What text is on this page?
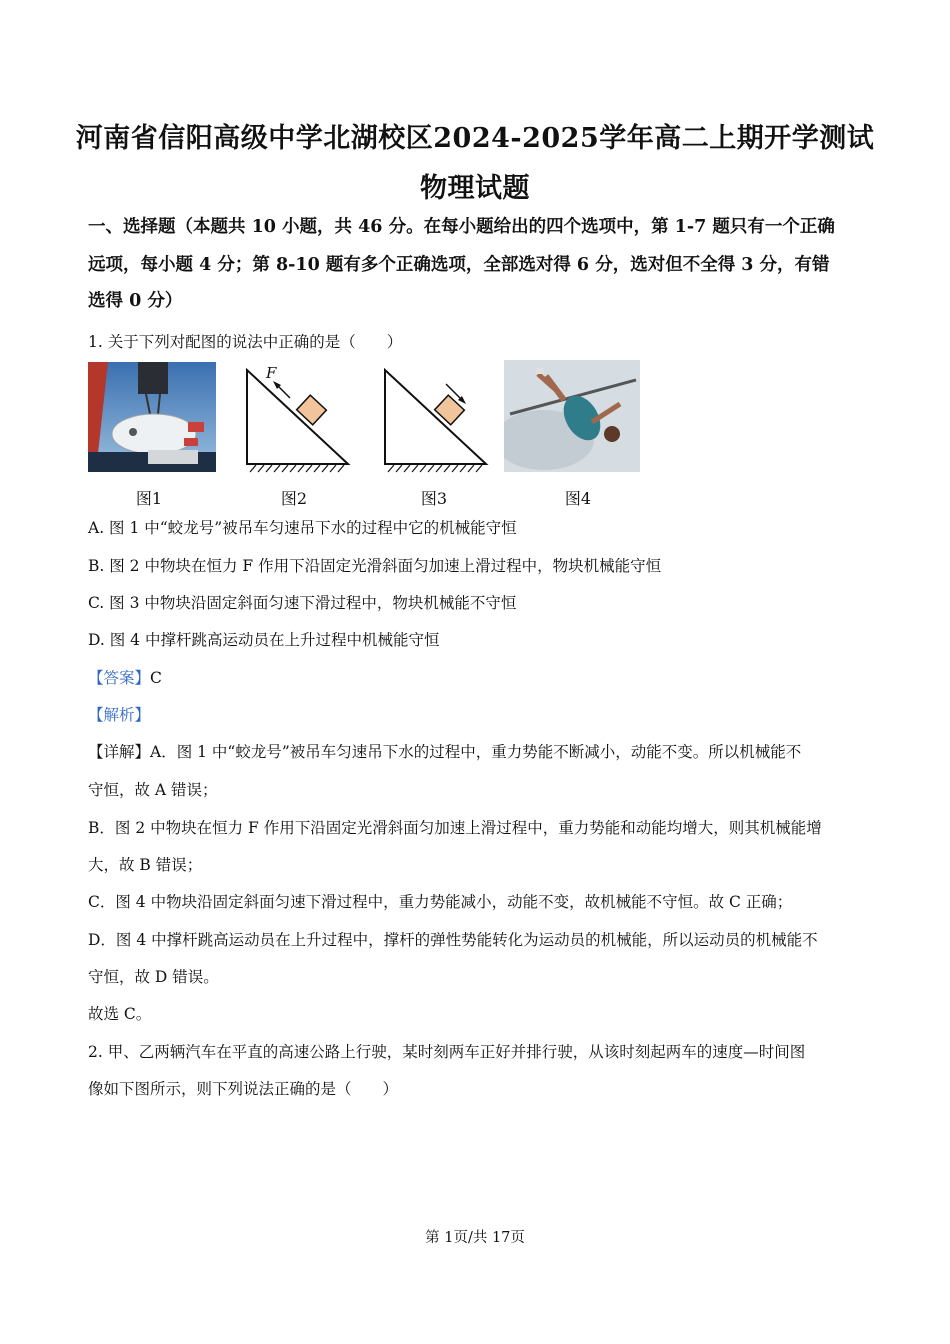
河南省信阳高级中学北湖校区2024-2025学年高二上期开学测试
物理试题
一、选择题（本题共 10 小题，共 46 分。在每小题给出的四个选项中，第 1-7 题只有一个正确
远项，每小题 4 分；第 8-10 题有多个正确选项，全部选对得 6 分，选对但不全得 3 分，有错
选得 0 分）
1. 关于下列对配图的说法中正确的是（　　）
F
图1	图2	图3	图4
A. 图 1 中“蛟龙号”被吊车匀速吊下水的过程中它的机械能守恒
B. 图 2 中物块在恒力 F 作用下沿固定光滑斜面匀加速上滑过程中，物块机械能守恒
C. 图 3 中物块沿固定斜面匀速下滑过程中，物块机械能不守恒
D. 图 4 中撑杆跳高运动员在上升过程中机械能守恒
【答案】C
【解析】
【详解】A．图 1 中“蛟龙号”被吊车匀速吊下水的过程中，重力势能不断减小，动能不变。所以机械能不
守恒，故 A 错误；
B．图 2 中物块在恒力 F 作用下沿固定光滑斜面匀加速上滑过程中，重力势能和动能均增大，则其机械能增
大，故 B 错误；
C．图 4 中物块沿固定斜面匀速下滑过程中，重力势能减小，动能不变，故机械能不守恒。故 C 正确；
D．图 4 中撑杆跳高运动员在上升过程中，撑杆的弹性势能转化为运动员的机械能，所以运动员的机械能不
守恒，故 D 错误。
故选 C。
2. 甲、乙两辆汽车在平直的高速公路上行驶，某时刻两车正好并排行驶，从该时刻起两车的速度—时间图
像如下图所示，则下列说法正确的是（　　）
第 1页/共 17页
